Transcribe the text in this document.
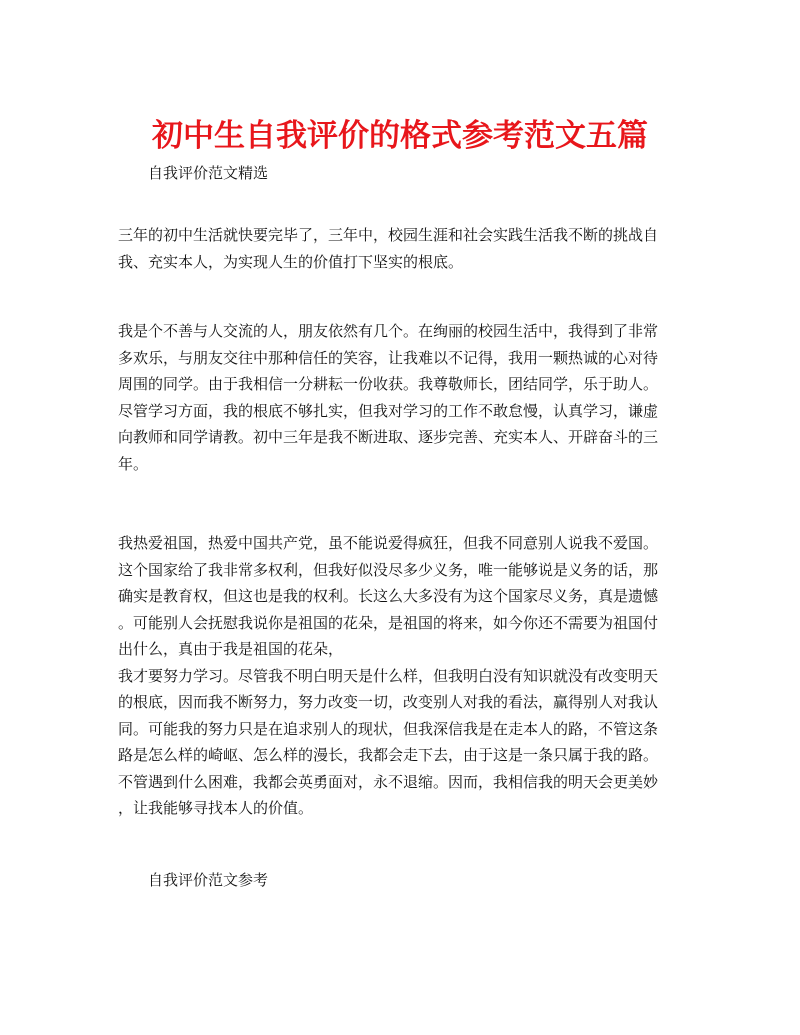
初中生自我评价的格式参考范文五篇

自我评价范文精选

三年的初中生活就快要完毕了，三年中，校园生涯和社会实践生活我不断的挑战自
我、充实本人，为实现人生的价值打下坚实的根底。

我是个不善与人交流的人，朋友依然有几个。在绚丽的校园生活中，我得到了非常
多欢乐，与朋友交往中那种信任的笑容，让我难以不记得，我用一颗热诚的心对待
周围的同学。由于我相信一分耕耘一份收获。我尊敬师长，团结同学，乐于助人。
尽管学习方面，我的根底不够扎实，但我对学习的工作不敢怠慢，认真学习，谦虚
向教师和同学请教。初中三年是我不断进取、逐步完善、充实本人、开辟奋斗的三
年。

我热爱祖国，热爱中国共产党，虽不能说爱得疯狂，但我不同意别人说我不爱国。
这个国家给了我非常多权利，但我好似没尽多少义务，唯一能够说是义务的话，那
确实是教育权，但这也是我的权利。长这么大多没有为这个国家尽义务，真是遗憾
。可能别人会抚慰我说你是祖国的花朵，是祖国的将来，如今你还不需要为祖国付
出什么，真由于我是祖国的花朵，
我才要努力学习。尽管我不明白明天是什么样，但我明白没有知识就没有改变明天
的根底，因而我不断努力，努力改变一切，改变别人对我的看法，赢得别人对我认
同。可能我的努力只是在追求别人的现状，但我深信我是在走本人的路，不管这条
路是怎么样的崎岖、怎么样的漫长，我都会走下去，由于这是一条只属于我的路。
不管遇到什么困难，我都会英勇面对，永不退缩。因而，我相信我的明天会更美妙
，让我能够寻找本人的价值。

自我评价范文参考
